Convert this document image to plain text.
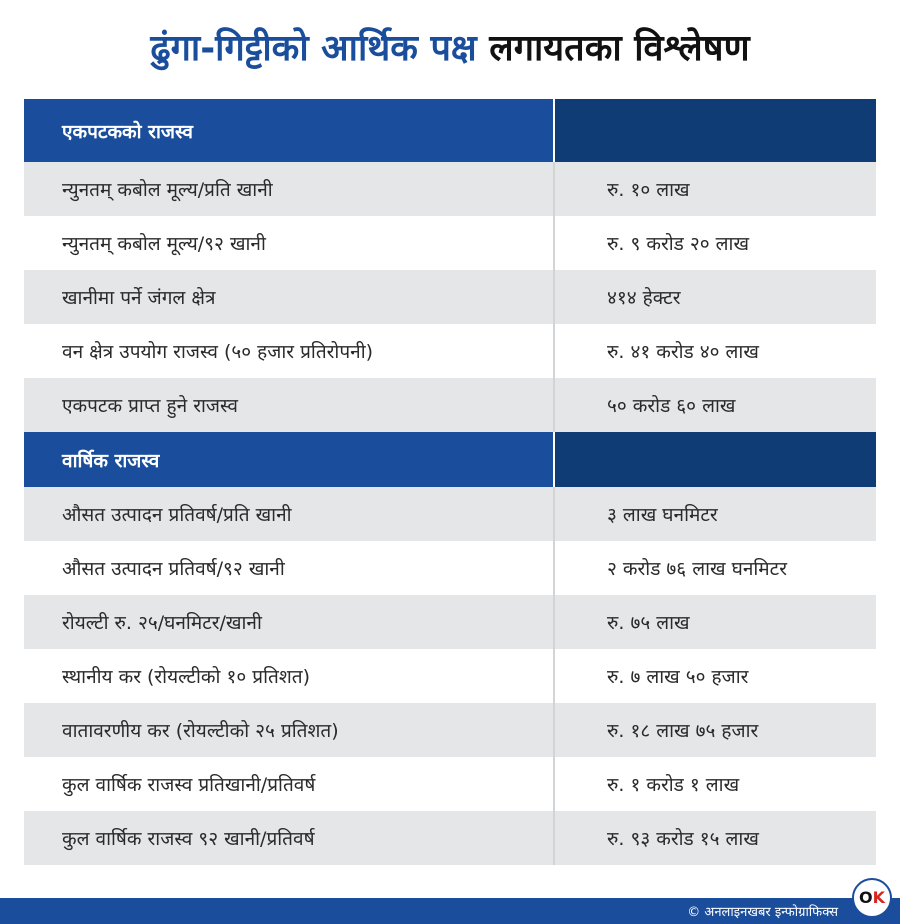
ढुंगा-गिट्टीको आर्थिक पक्ष लगायतका विश्लेषण
एकपटकको राजस्व
न्युनतम् कबोल मूल्य/प्रति खानी	रु. १० लाख
न्युनतम् कबोल मूल्य/९२ खानी	रु. ९ करोड २० लाख
खानीमा पर्ने जंगल क्षेत्र	४१४ हेक्टर
वन क्षेत्र उपयोग राजस्व (५० हजार प्रतिरोपनी)	रु. ४१ करोड ४० लाख
एकपटक प्राप्त हुने राजस्व	५० करोड ६० लाख
वार्षिक राजस्व
औसत उत्पादन प्रतिवर्ष/प्रति खानी	३ लाख घनमिटर
औसत उत्पादन प्रतिवर्ष/९२ खानी	२ करोड ७६ लाख घनमिटर
रोयल्टी रु. २५/घनमिटर/खानी	रु. ७५ लाख
स्थानीय कर (रोयल्टीको १० प्रतिशत)	रु. ७ लाख ५० हजार
वातावरणीय कर (रोयल्टीको २५ प्रतिशत)	रु. १८ लाख ७५ हजार
कुल वार्षिक राजस्व प्रतिखानी/प्रतिवर्ष	रु. १ करोड १ लाख
कुल वार्षिक राजस्व ९२ खानी/प्रतिवर्ष	रु. ९३ करोड १५ लाख
© अनलाइनखबर इन्फोग्राफिक्स
OK
